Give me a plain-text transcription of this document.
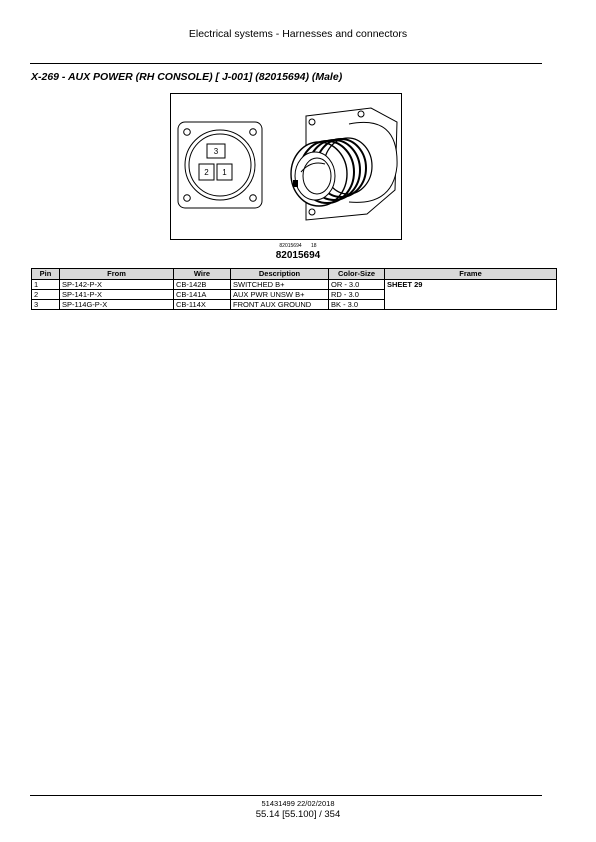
Electrical systems - Harnesses and connectors
X-269 - AUX POWER (RH CONSOLE) [ J-001] (82015694) (Male)
3
2 1
82015694 18
82015694
Pin	From	Wire	Description	Color-Size	Frame
1	SP-142-P-X	CB-142B	SWITCHED B+	OR - 3.0	SHEET 29
2	SP-141-P-X	CB-141A	AUX PWR UNSW B+	RD - 3.0	
3	SP-114G-P-X	CB-114X	FRONT AUX GROUND	BK - 3.0	
51431499 22/02/2018
55.14 [55.100] / 354
